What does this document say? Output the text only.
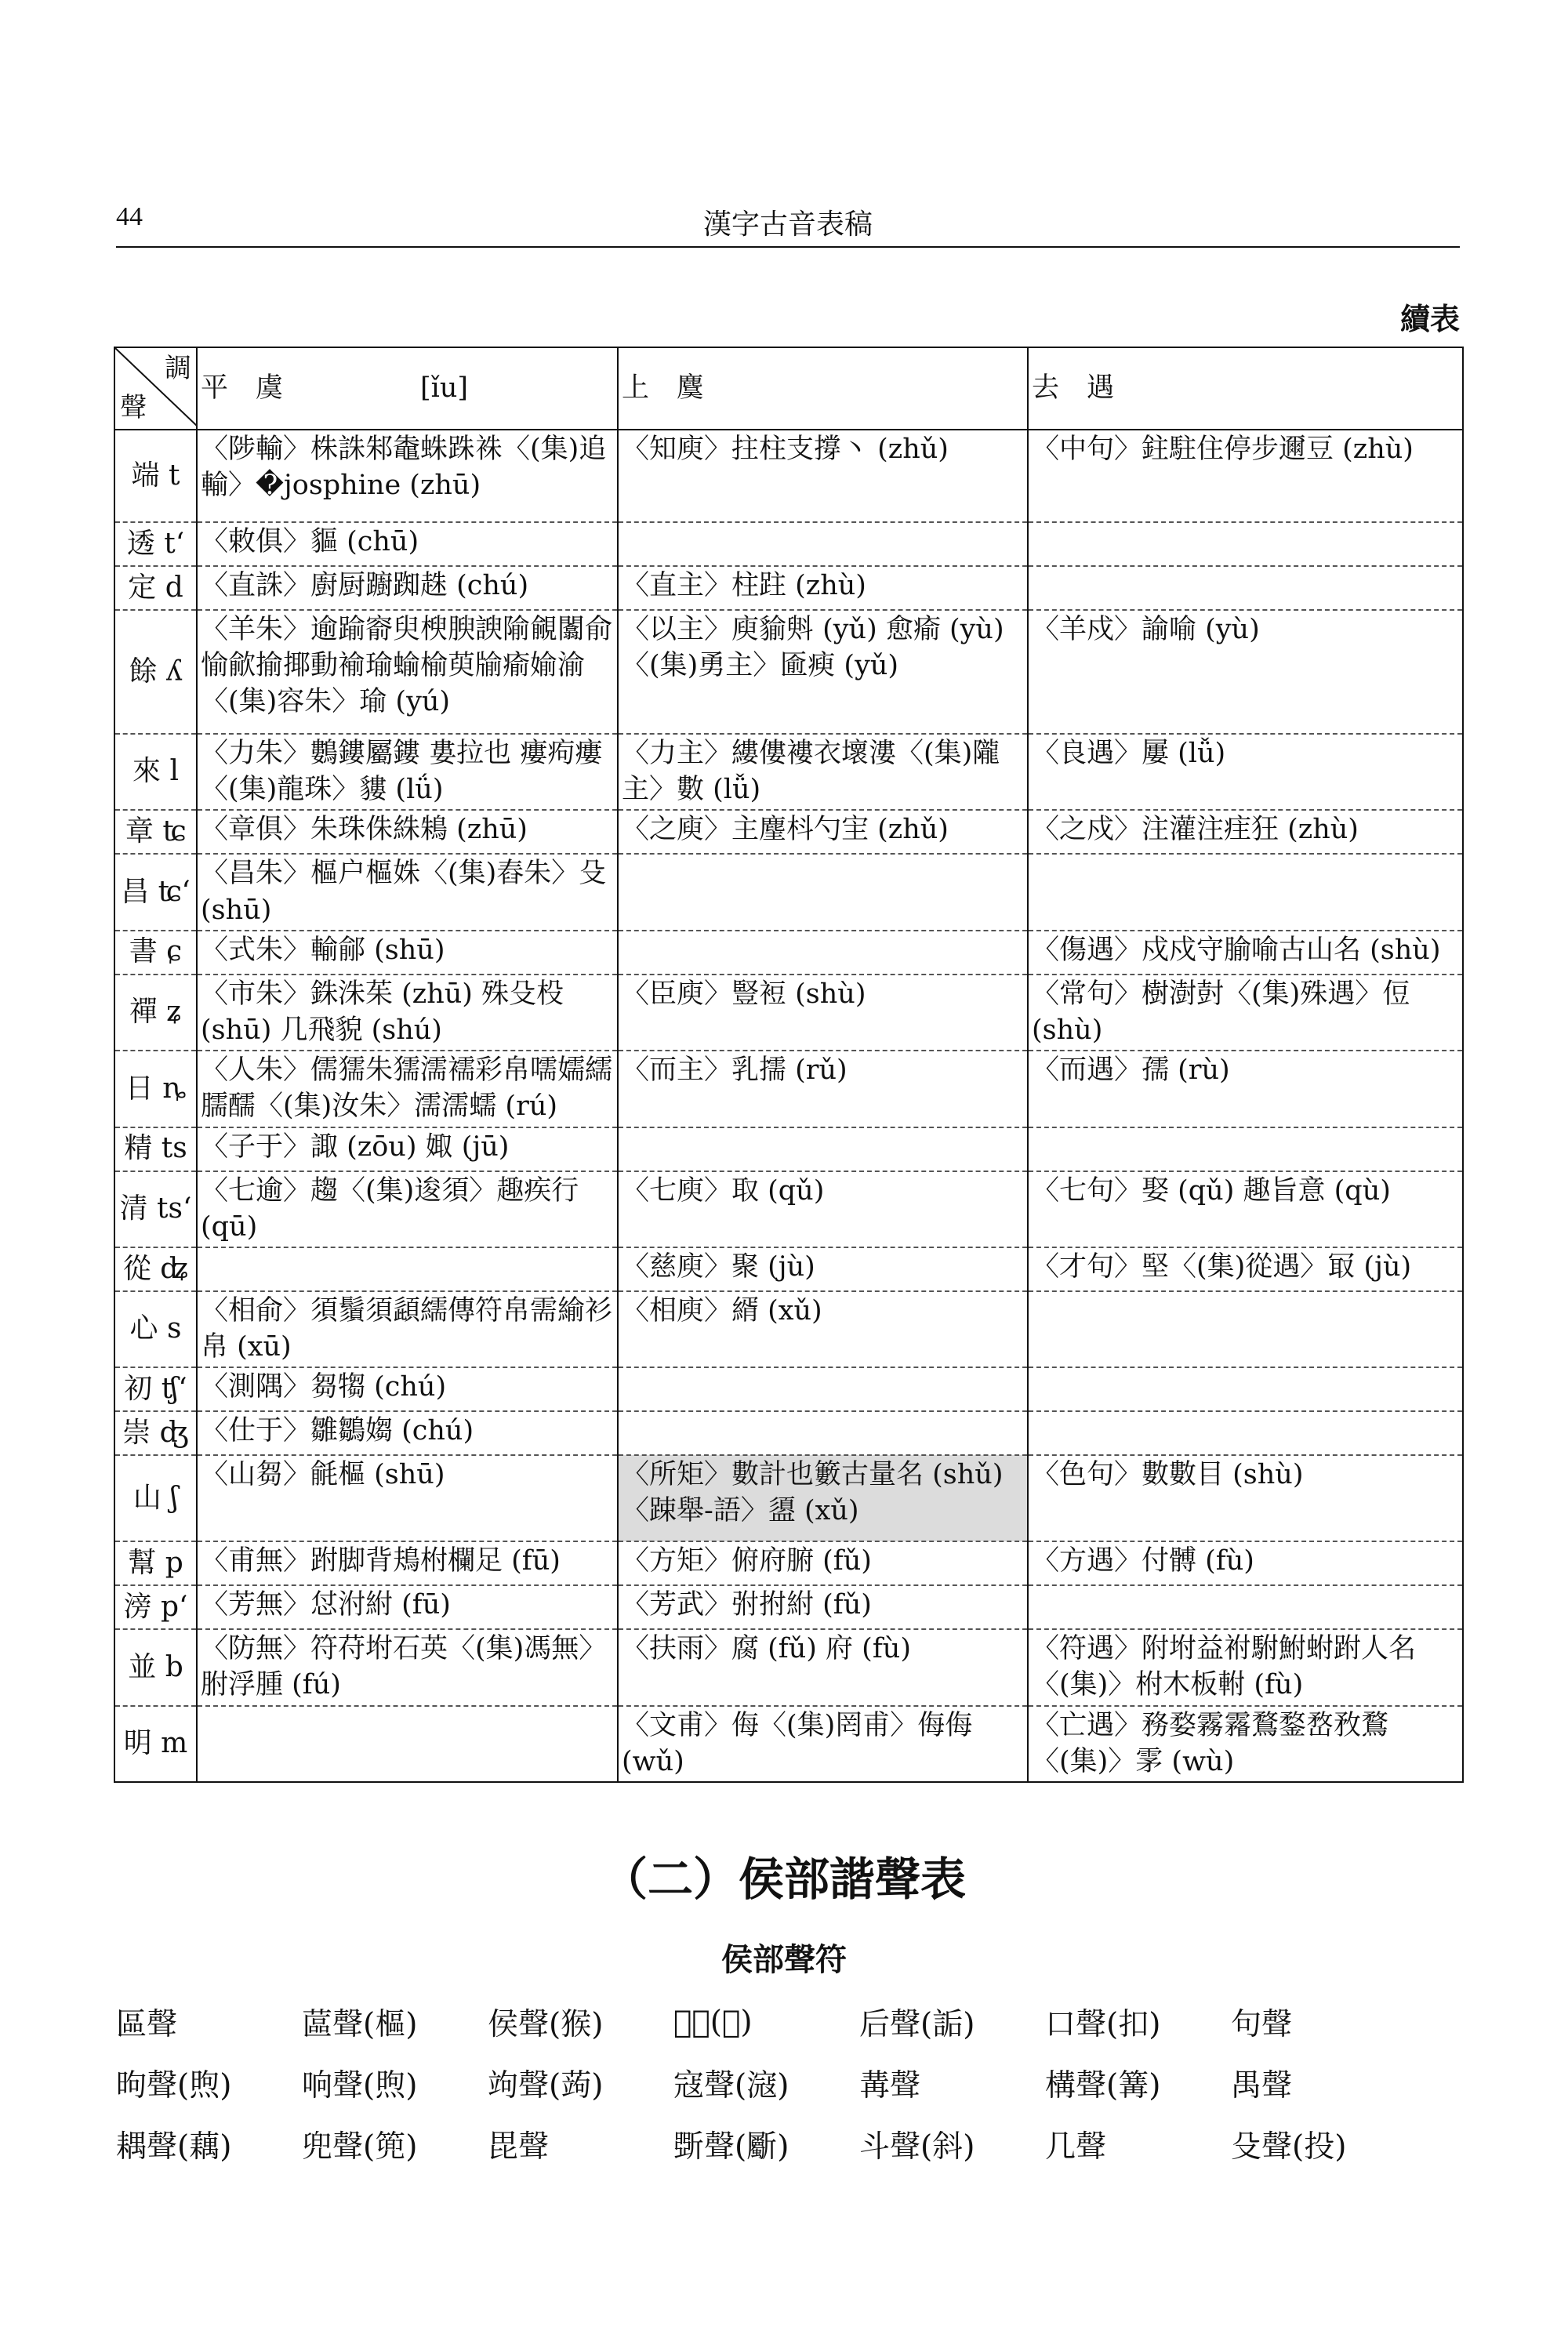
44	漢字古音表稿
續表
調
聲	平　虞　　　　　[ǐu]	上　麌	去　遇
端 t	〈陟輸〉株誅邾鼄蛛跦袾〈(集)追輸〉�josphine (zhū)	〈知庾〉拄柱支撐丶 (zhǔ)	〈中句〉鉒駐住停步邇豆 (zhù)
透 tʻ	〈敕俱〉貙 (chū)		
定 d	〈直誅〉廚厨躕踟趎 (chú)	〈直主〉柱跓 (zhù)	
餘 ʎ	〈羊朱〉逾踰窬臾楰腴諛隃覦闟俞愉歈揄揶動褕瑜蝓榆萸牏瘉媮渝〈(集)容朱〉瑜 (yú)	〈以主〉庾貐斞 (yǔ) 愈瘉 (yù)〈(集)勇主〉匬瘐 (yǔ)	〈羊戍〉諭喻 (yù)
來 l	〈力朱〉鷜鏤屬鏤 婁拉也 瘻痀瘻〈(集)龍珠〉貗 (lǘ)	〈力主〉縷僂褸衣壞漊〈(集)隴主〉數 (lǚ)	〈良遇〉屢 (lǚ)
章 ʨ	〈章俱〉朱珠侏絑鴸 (zhū)	〈之庾〉主麈枓勺宔 (zhǔ)	〈之戍〉注灌注疰狂 (zhù)
昌 ʨʻ	〈昌朱〉樞户樞姝〈(集)舂朱〉殳 (shū)		
書 ɕ	〈式朱〉輸鄃 (shū)		〈傷遇〉戍戍守腧喻古山名 (shù)
禪 ʑ	〈市朱〉銖洙茱 (zhū) 殊殳杸 (shū) 几飛貌 (shú)	〈臣庾〉豎裋 (shù)	〈常句〉樹澍尌〈(集)殊遇〉侸 (shù)
日 ȵ	〈人朱〉儒獳朱獳濡襦彩帛嚅嬬繻臑醹〈(集)汝朱〉濡濡蠕 (rú)	〈而主〉乳擩 (rǔ)	〈而遇〉孺 (rù)
精 ts	〈子于〉諏 (zōu) 娵 (jū)		
清 tsʻ	〈七逾〉趨〈(集)逡須〉趣疾行 (qū)	〈七庾〉取 (qǔ)	〈七句〉娶 (qǔ) 趣旨意 (qù)
從 ʥ		〈慈庾〉聚 (jù)	〈才句〉堅〈(集)從遇〉冣 (jù)
心 s	〈相俞〉須鬚須頿繻傳符帛需緰衫帛 (xū)	〈相庾〉縃 (xǔ)	
初 ʧʻ	〈測隅〉芻犓 (chú)		
崇 ʤ	〈仕于〉雛鶵媰 (chú)		
山 ʃ	〈山芻〉毹樞 (shū)	〈所矩〉數計也籔古量名 (shǔ)〈踈舉-語〉盨 (xǔ)	〈色句〉數數目 (shù)
幫 p	〈甫無〉跗脚背鳺柎欄足 (fū)	〈方矩〉俯府腑 (fǔ)	〈方遇〉付髆 (fù)
滂 pʻ	〈芳無〉怤泭紨 (fū)	〈芳武〉弣拊紨 (fǔ)	
並 b	〈防無〉符苻坿石英〈(集)馮無〉胕浮腫 (fú)	〈扶雨〉腐 (fǔ) 府 (fù)	〈符遇〉附坿益祔駙鮒蚹跗人名〈(集)〉柎木板軵 (fù)
明 m		〈文甫〉侮〈(集)罔甫〉侮侮 (wǔ)	〈亡遇〉務婺霧霿鶩鍪嵍敄鶩〈(集)〉雺 (wù)
（二）侯部諧聲表
侯部聲符
區聲	蓲聲(樞)	侯聲(猴)	𣆪聲(厚)	后聲(詬)	口聲(扣)	句聲
昫聲(煦)	响聲(煦)	竘聲(蒟)	寇聲(滱)	冓聲	構聲(篝)	禺聲
耦聲(藕)	兜聲(篼)	毘聲	斲聲(斸)	斗聲(斜)	几聲	殳聲(投)
